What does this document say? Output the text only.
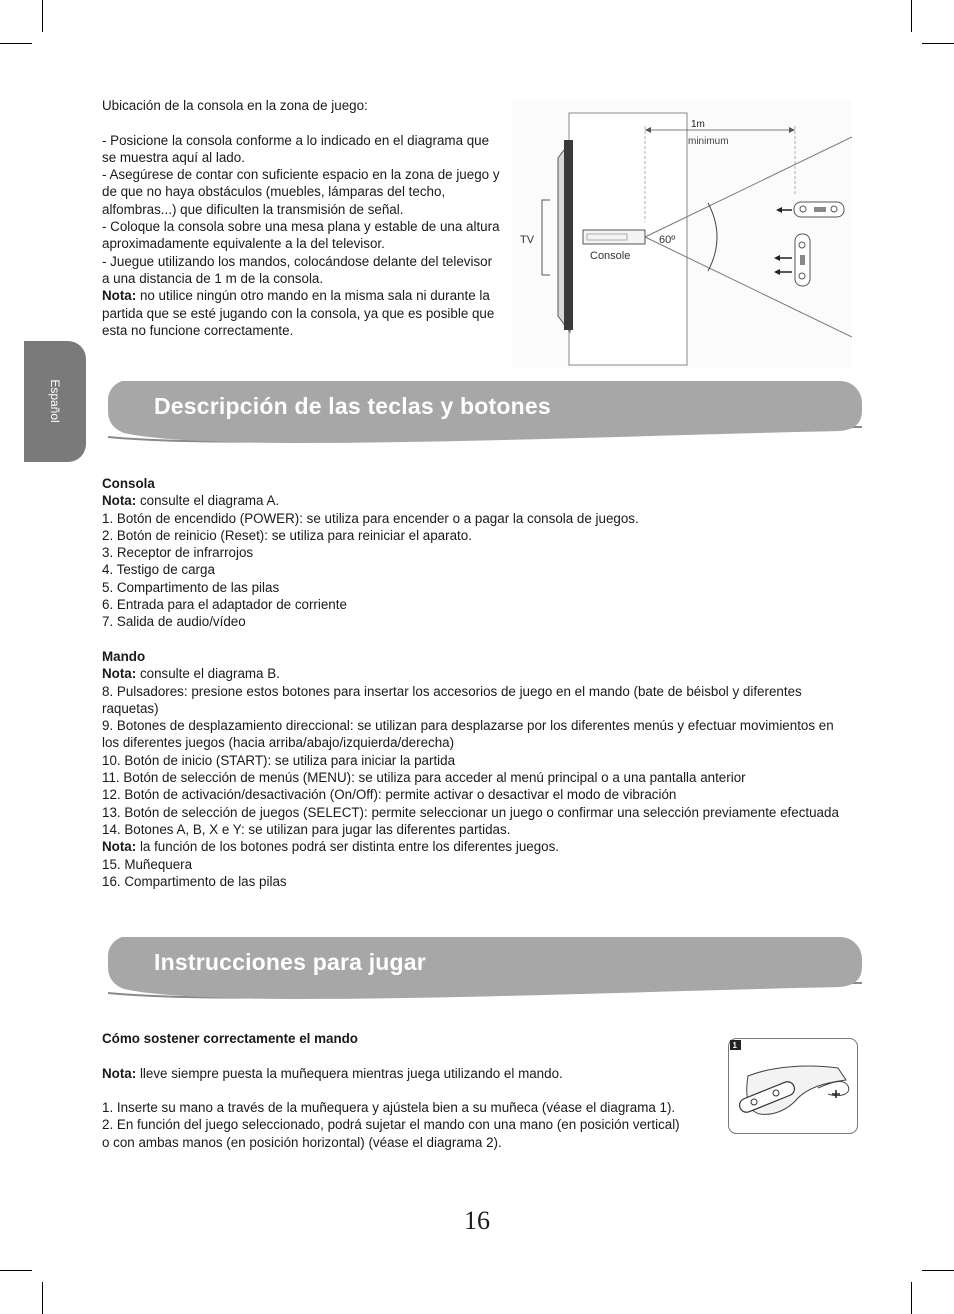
Español

Ubicación de la consola en la zona de juego:

- Posicione la consola conforme a lo indicado en el diagrama que se muestra aquí al lado.

- Asegúrese de contar con suficiente espacio en la zona de juego y de que no haya obstáculos (muebles, lámparas del techo, alfombras...) que dificulten la transmisión de señal.

- Coloque la consola sobre una mesa plana y estable de una altura aproximadamente equivalente a la del televisor.

- Juegue utilizando los mandos, colocándose delante del televisor a una distancia de 1 m de la consola.

Nota: no utilice ningún otro mando en la misma sala ni durante la partida que se esté jugando con la consola, ya que es posible que esta no funcione correctamente.

TV
Console
60º
1m
minimum
Descripción de las teclas y botones

Consola

Nota: consulte el diagrama A.

1. Botón de encendido (POWER): se utiliza para encender o a pagar la consola de juegos.

2. Botón de reinicio (Reset): se utiliza para reiniciar el aparato.

3. Receptor de infrarrojos

4. Testigo de carga

5. Compartimento de las pilas

6. Entrada para el adaptador de corriente

7. Salida de audio/vídeo

Mando

Nota: consulte el diagrama B.

8. Pulsadores: presione estos botones para insertar los accesorios de juego en el mando (bate de béisbol y diferentes raquetas)

9. Botones de desplazamiento direccional: se utilizan para desplazarse por los diferentes menús y efectuar movimientos en los diferentes juegos (hacia arriba/abajo/izquierda/derecha)

10. Botón de inicio (START): se utiliza para iniciar la partida

11. Botón de selección de menús (MENU): se utiliza para acceder al menú principal o a una pantalla anterior

12. Botón de activación/desactivación (On/Off): permite activar o desactivar el modo de vibración

13. Botón de selección de juegos (SELECT): permite seleccionar un juego o confirmar una selección previamente efectuada

14. Botones A, B, X e Y: se utilizan para jugar las diferentes partidas.

Nota: la función de los botones podrá ser distinta entre los diferentes juegos.

15. Muñequera

16. Compartimento de las pilas

Instrucciones para jugar

Cómo sostener correctamente el mando

Nota: lleve siempre puesta la muñequera mientras juega utilizando el mando.

1. Inserte su mano a través de la muñequera y ajústela bien a su muñeca (véase el diagrama 1).

2. En función del juego seleccionado, podrá sujetar el mando con una mano (en posición vertical) o con ambas manos (en posición horizontal) (véase el diagrama 2).

1
16
